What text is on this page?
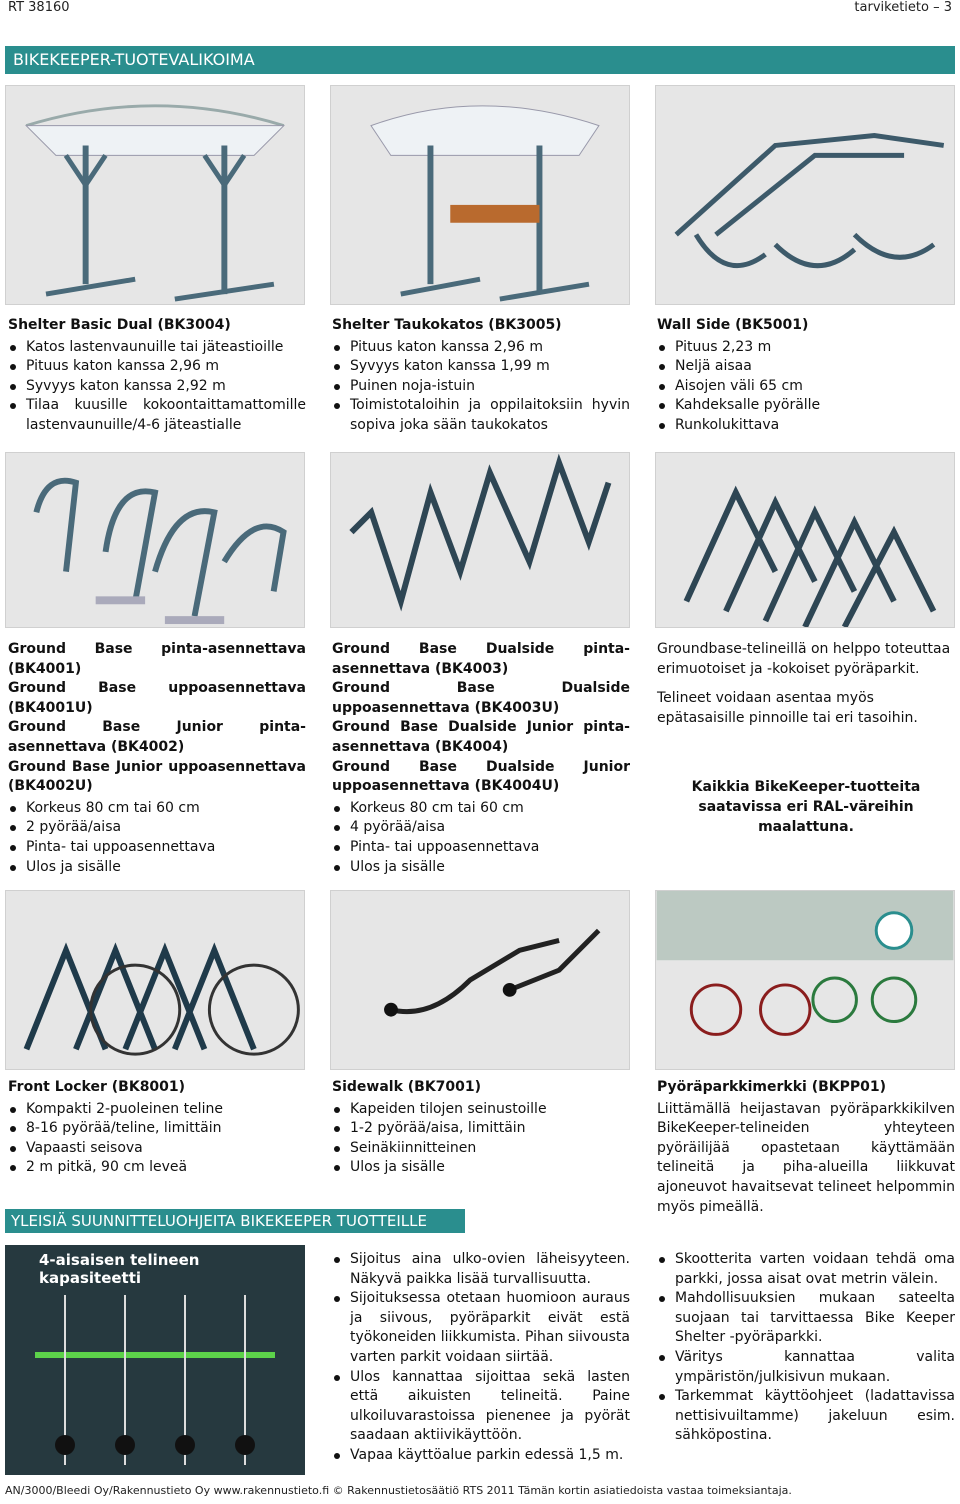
RT 38160	tarviketieto – 3
BIKEKEEPER-TUOTEVALIKOIMA
Shelter Basic Dual (BK3004)
Katos lastenvaunuille tai jäteastioille
Pituus katon kanssa 2,96 m
Syvyys katon kanssa 2,92 m
Tilaa kuusille kokoontaittamattomille lastenvaunuille/4-6 jäteastialle
Shelter Taukokatos (BK3005)
Pituus katon kanssa 2,96 m
Syvyys katon kanssa 1,99 m
Puinen noja-istuin
Toimistotaloihin ja oppilaitoksiin hyvin sopiva joka sään taukokatos
Wall Side (BK5001)
Pituus 2,23 m
Neljä aisaa
Aisojen väli 65 cm
Kahdeksalle pyörälle
Runkolukittava
Ground Base pinta-asennettava (BK4001)
Ground Base uppoasennettava (BK4001U)
Ground Base Junior pinta-asennettava (BK4002)
Ground Base Junior uppoasennettava (BK4002U)
Korkeus 80 cm tai 60 cm
2 pyörää/aisa
Pinta- tai uppoasennettava
Ulos ja sisälle
Ground Base Dualside pinta-asennettava (BK4003)
Ground Base Dualside uppoasennettava (BK4003U)
Ground Base Dualside Junior pinta-asennettava (BK4004)
Ground Base Dualside Junior uppoasennettava (BK4004U)
Korkeus 80 cm tai 60 cm
4 pyörää/aisa
Pinta- tai uppoasennettava
Ulos ja sisälle

Groundbase-telineillä on helppo toteuttaa erimuotoiset ja -kokoiset pyöräparkit.

Telineet voidaan asentaa myös epätasaisille pinnoille tai eri tasoihin.

Kaikkia BikeKeeper-tuotteita saatavissa eri RAL-väreihin maalattuna.

Front Locker (BK8001)
Kompakti 2-puoleinen teline
8-16 pyörää/teline, limittäin
Vapaasti seisova
2 m pitkä, 90 cm leveä
Sidewalk (BK7001)
Kapeiden tilojen seinustoille
1-2 pyörää/aisa, limittäin
Seinäkiinnitteinen
Ulos ja sisälle
Pyöräparkkimerkki (BKPP01)

Liittämällä heijastavan pyöräparkkikilven BikeKeeper-telineiden yhteyteen pyöräilijää opastetaan käyttämään telineitä ja piha-alueilla liikkuvat ajoneuvot havaitsevat telineet helpommin myös pimeällä.

YLEISIÄ SUUNNITTELUOHJEITA BIKEKEEPER TUOTTEILLE
4-aisaisen telineen kapasiteetti
Sijoitus aina ulko-ovien läheisyyteen. Näkyvä paikka lisää turvallisuutta.
Sijoituksessa otetaan huomioon auraus ja siivous, pyöräparkit eivät estä työkoneiden liikkumista. Pihan siivousta varten parkit voidaan siirtää.
Ulos kannattaa sijoittaa sekä lasten että aikuisten telineitä. Paine ulkoiluvarastoissa pienenee ja pyörät saadaan aktiivikäyttöön.
Vapaa käyttöalue parkin edessä 1,5 m.
Skootterita varten voidaan tehdä oma parkki, jossa aisat ovat metrin välein.
Mahdollisuuksien mukaan sateelta suojaan tai tarvittaessa Bike Keeper Shelter -pyöräparkki.
Väritys kannattaa valita ympäristön/julkisivun mukaan.
Tarkemmat käyttöohjeet (ladattavissa nettisivuiltamme) jakeluun esim. sähköpostina.
AN/3000/Bleedi Oy/Rakennustieto Oy www.rakennustieto.fi © Rakennustietosäätiö RTS 2011 Tämän kortin asiatiedoista vastaa toimeksiantaja.
